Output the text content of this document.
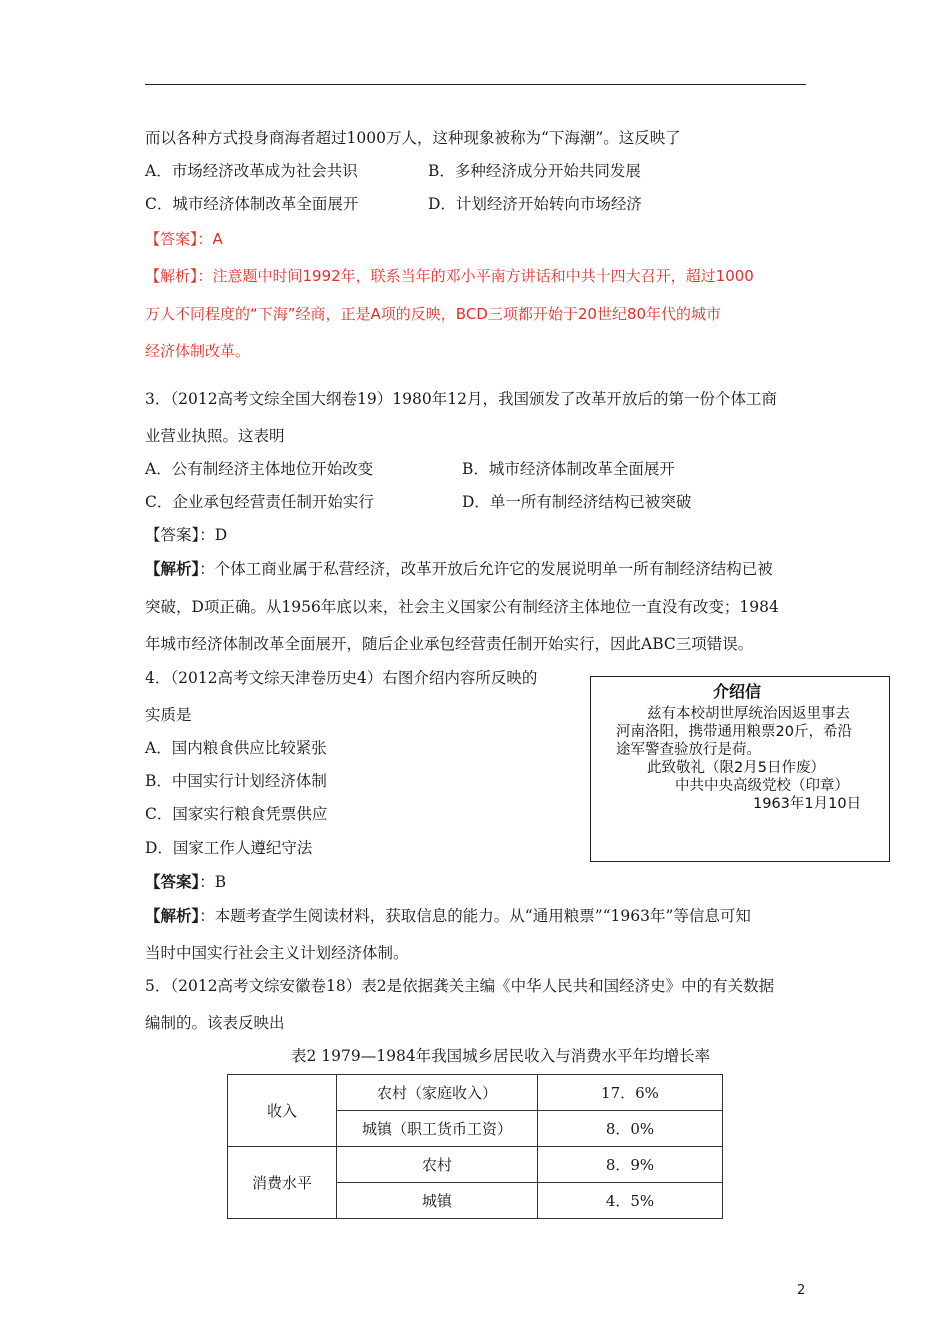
而以各种方式投身商海者超过1000万人，这种现象被称为“下海潮”。这反映了
A．市场经济改革成为社会共识	B．多种经济成分开始共同发展
C．城市经济体制改革全面展开	D．计划经济开始转向市场经济
【答案】：A
【解析】：注意题中时间1992年，联系当年的邓小平南方讲话和中共十四大召开，超过1000
万人不同程度的“下海”经商，正是A项的反映，BCD三项都开始于20世纪80年代的城市
经济体制改革。
3．（2012高考文综全国大纲卷19）1980年12月，我国颁发了改革开放后的第一份个体工商
业营业执照。这表明
A．公有制经济主体地位开始改变	B．城市经济体制改革全面展开
C．企业承包经营责任制开始实行	D．单一所有制经济结构已被突破
【答案】：D
【解析】：个体工商业属于私营经济，改革开放后允许它的发展说明单一所有制经济结构已被
突破，D项正确。从1956年底以来，社会主义国家公有制经济主体地位一直没有改变；1984
年城市经济体制改革全面展开，随后企业承包经营责任制开始实行，因此ABC三项错误。
4．（2012高考文综天津卷历史4）右图介绍内容所反映的
实质是
A．国内粮食供应比较紧张
B．中国实行计划经济体制
C．国家实行粮食凭票供应
D．国家工作人遵纪守法
【答案】：B
【解析】：本题考查学生阅读材料，获取信息的能力。从“通用粮票”“1963年”等信息可知
当时中国实行社会主义计划经济体制。
介绍信
兹有本校胡世厚统治因返里事去
河南洛阳，携带通用粮票20斤，希沿
途军警查验放行是荷。
此致敬礼（限2月5日作废）
中共中央高级党校（印章）
1963年1月10日
5．（2012高考文综安徽卷18）表2是依据龚关主编《中华人民共和国经济史》中的有关数据
编制的。该表反映出
表2 1979—1984年我国城乡居民收入与消费水平年均增长率
收入	农村（家庭收入）	17．6%
	城镇（职工货币工资）	8．0%
消费水平	农村	8．9%
	城镇	4．5%
2
